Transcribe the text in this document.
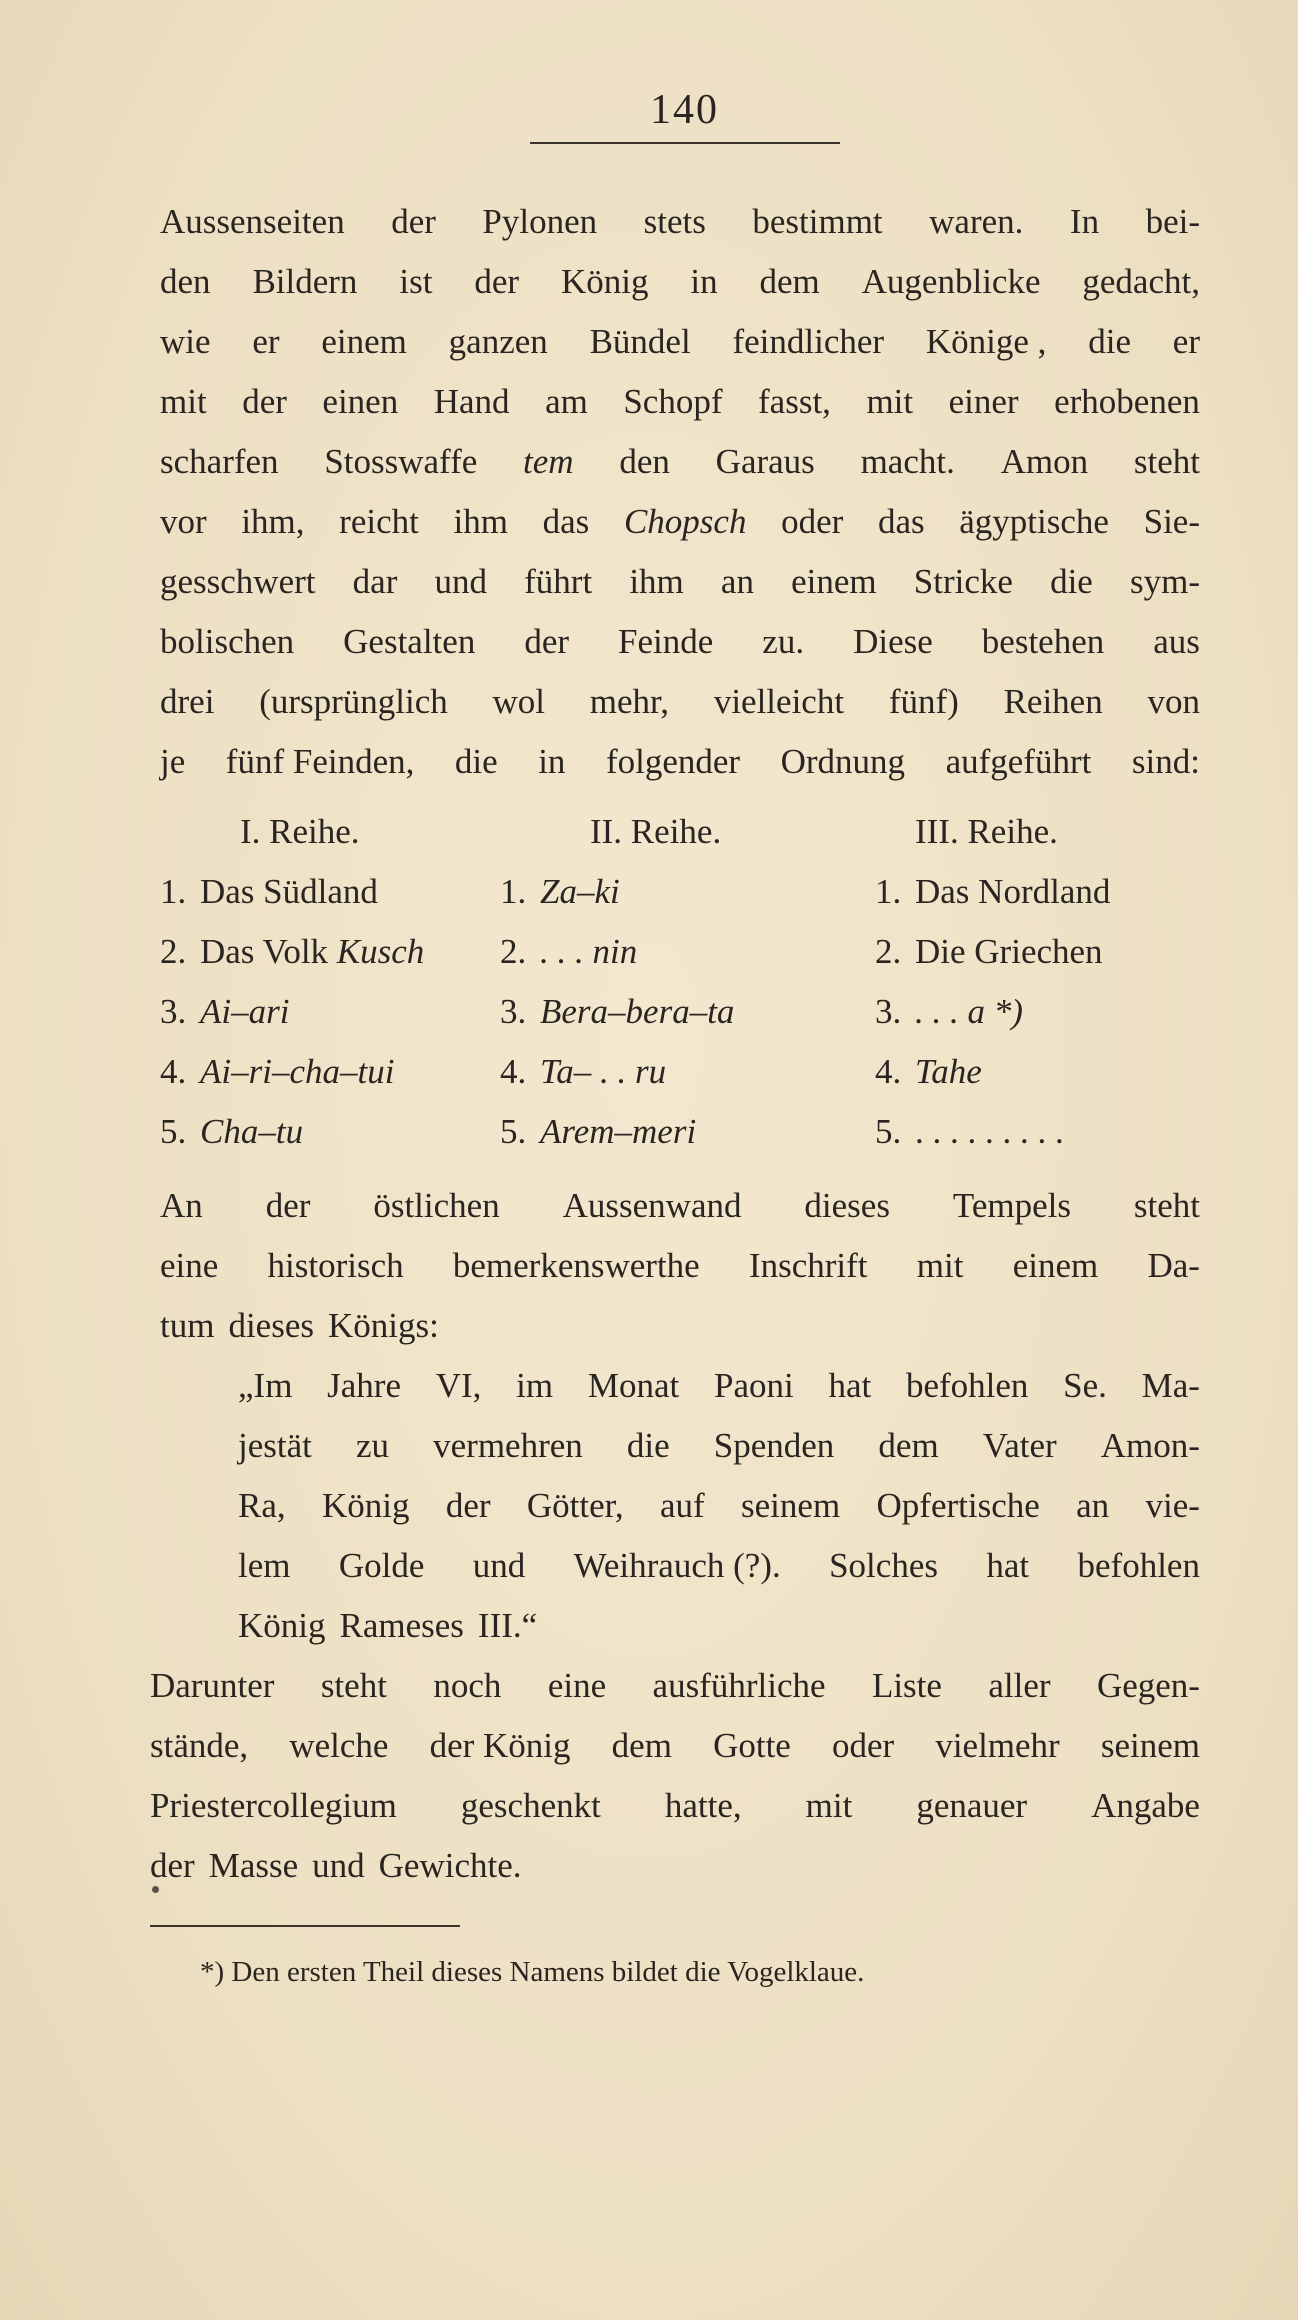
140
Aussenseiten der Pylonen stets bestimmt waren. In bei-
den Bildern ist der König in dem Augenblicke gedacht,
wie er einem ganzen Bündel feindlicher Könige , die er
mit der einen Hand am Schopf fasst, mit einer erhobenen
scharfen Stosswaffe tem den Garaus macht. Amon steht
vor ihm, reicht ihm das Chopsch oder das ägyptische Sie-
gesschwert dar und führt ihm an einem Stricke die sym-
bolischen Gestalten der Feinde zu. Diese bestehen aus
drei (ursprünglich wol mehr, vielleicht fünf) Reihen von
je fünf Feinden, die in folgender Ordnung aufgeführt sind:
I. Reihe.	II. Reihe.	III. Reihe.
1. Das Südland	1. Za–ki	1. Das Nordland
2. Das Volk Kusch 2. . . . nin	2. Die Griechen
3. Ai–ari	3. Bera–bera–ta	3. . . . a *)
4. Ai–ri–cha–tui	4. Ta– . . ru	4. Tahe
5. Cha–tu	5. Arem–meri	5. . . . . . . . . .
An der östlichen Aussenwand dieses Tempels steht
eine historisch bemerkenswerthe Inschrift mit einem Da-
tum dieses Königs:
„Im Jahre VI, im Monat Paoni hat befohlen Se. Ma-
jestät zu vermehren die Spenden dem Vater Amon-
Ra, König der Götter, auf seinem Opfertische an vie-
lem Golde und Weihrauch (?). Solches hat befohlen
König Rameses III.“
Darunter steht noch eine ausführliche Liste aller Gegen-
stände, welche der König dem Gotte oder vielmehr seinem
Priestercollegium geschenkt hatte, mit genauer Angabe
der Masse und Gewichte.
*) Den ersten Theil dieses Namens bildet die Vogelklaue.
